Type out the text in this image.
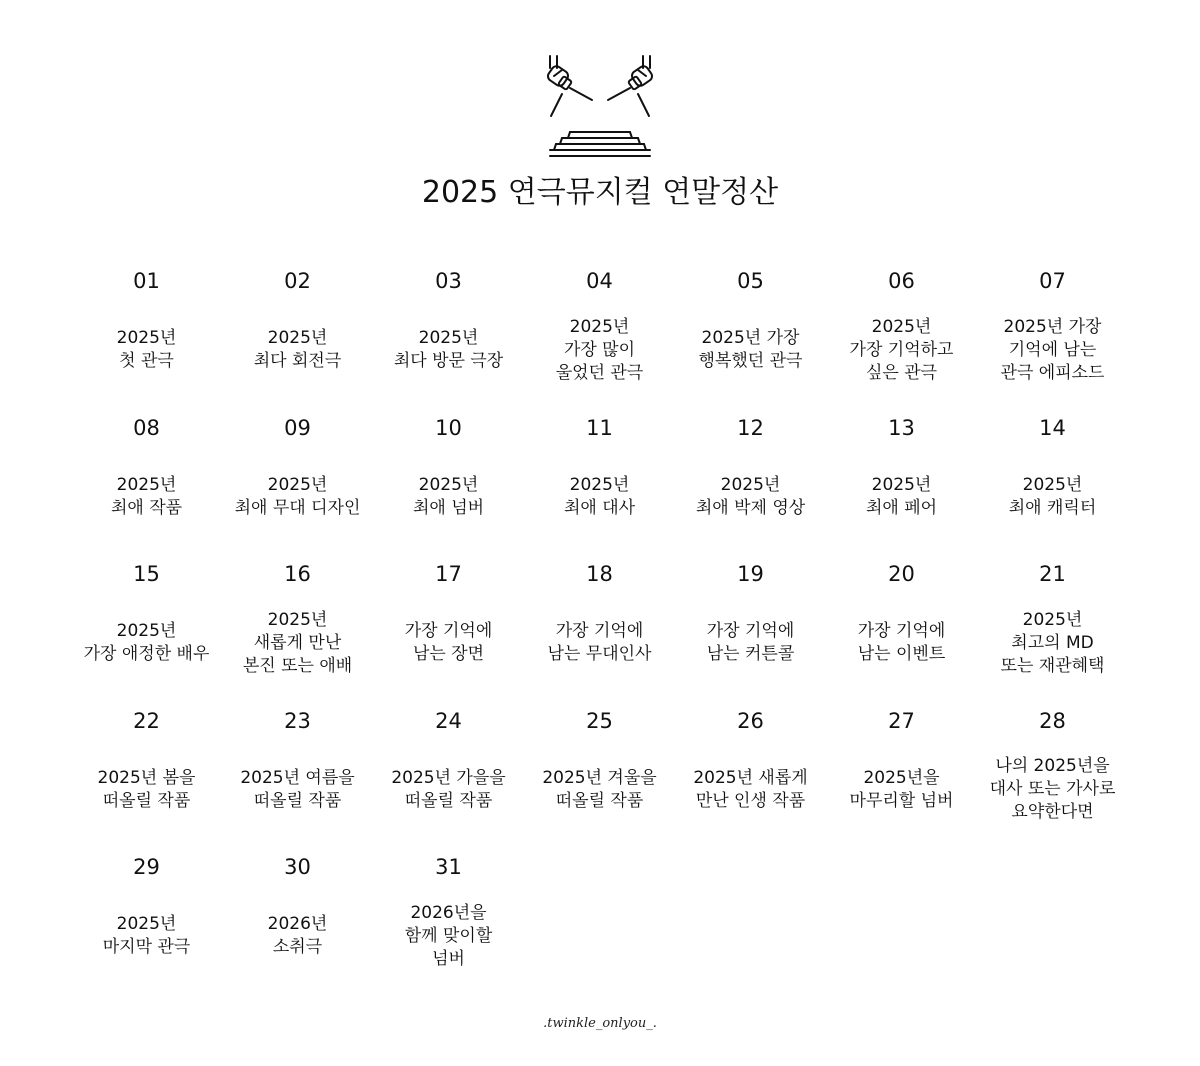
2025 연극뮤지컬 연말정산
01
2025년
첫 관극
02
2025년
최다 회전극
03
2025년
최다 방문 극장
04
2025년
가장 많이
울었던 관극
05
2025년 가장
행복했던 관극
06
2025년
가장 기억하고
싶은 관극
07
2025년 가장
기억에 남는
관극 에피소드
08
2025년
최애 작품
09
2025년
최애 무대 디자인
10
2025년
최애 넘버
11
2025년
최애 대사
12
2025년
최애 박제 영상
13
2025년
최애 페어
14
2025년
최애 캐릭터
15
2025년
가장 애정한 배우
16
2025년
새롭게 만난
본진 또는 애배
17
가장 기억에
남는 장면
18
가장 기억에
남는 무대인사
19
가장 기억에
남는 커튼콜
20
가장 기억에
남는 이벤트
21
2025년
최고의 MD
또는 재관혜택
22
2025년 봄을
떠올릴 작품
23
2025년 여름을
떠올릴 작품
24
2025년 가을을
떠올릴 작품
25
2025년 겨울을
떠올릴 작품
26
2025년 새롭게
만난 인생 작품
27
2025년을
마무리할 넘버
28
나의 2025년을
대사 또는 가사로
요약한다면
29
2025년
마지막 관극
30
2026년
소취극
31
2026년을
함께 맞이할
넘버
.twinkle_onlyou_.
